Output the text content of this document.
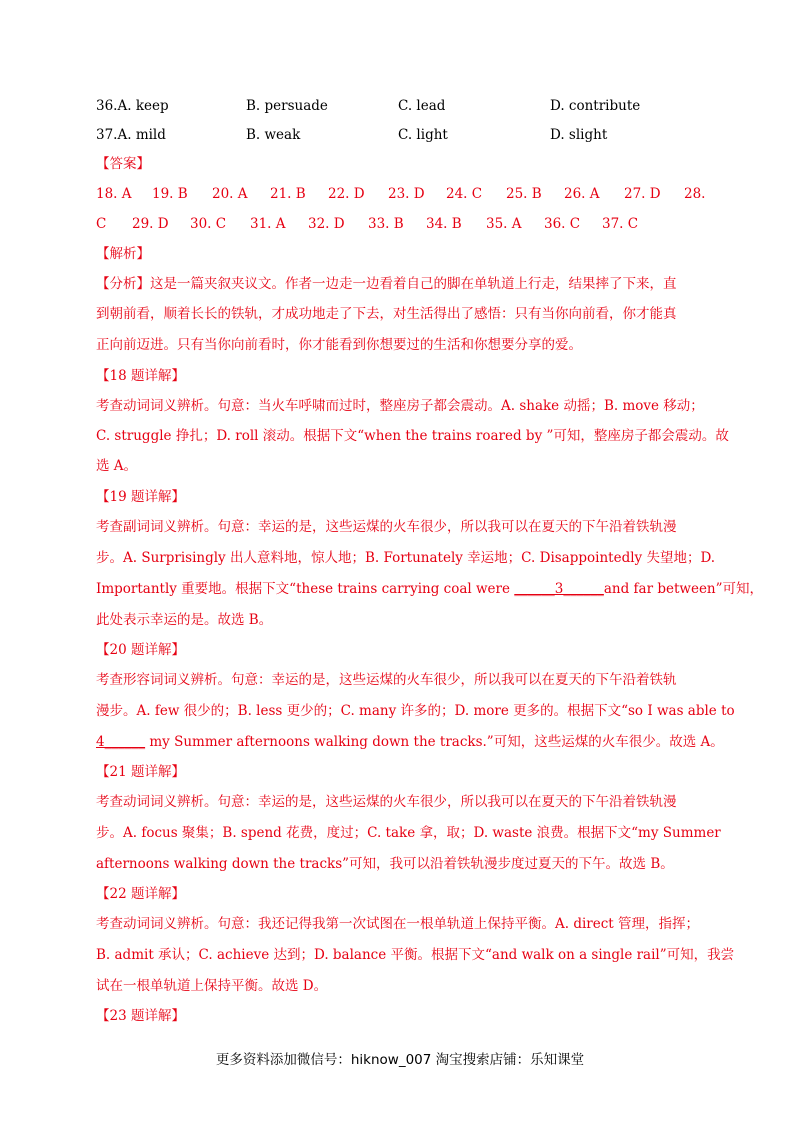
36.A. keep	B. persuade	C. lead	D. contribute
37.A. mild	B. weak	C. light	D. slight
【答案】
18. A 19. B 20. A 21. B 22. D 23. D 24. C 25. B 26. A 27. D 28.
C 29. D 30. C 31. A 32. D 33. B 34. B 35. A 36. C 37. C
【解析】
【分析】这是一篇夹叙夹议文。作者一边走一边看着自己的脚在单轨道上行走，结果摔了下来，直
到朝前看，顺着长长的铁轨，才成功地走了下去，对生活得出了感悟：只有当你向前看，你才能真
正向前迈进。只有当你向前看时，你才能看到你想要过的生活和你想要分享的爱。
【18 题详解】
考查动词词义辨析。句意：当火车呼啸而过时，整座房子都会震动。A. shake 动摇；B. move 移动；
C. struggle 挣扎；D. roll 滚动。根据下文“when the trains roared by ”可知，整座房子都会震动。故
选 A。
【19 题详解】
考查副词词义辨析。句意：幸运的是，这些运煤的火车很少，所以我可以在夏天的下午沿着铁轨漫
步。A. Surprisingly 出人意料地，惊人地；B. Fortunately 幸运地；C. Disappointedly 失望地；D.
Importantly 重要地。根据下文“these trains carrying coal were ______3______and far between”可知，
此处表示幸运的是。故选 B。
【20 题详解】
考查形容词词义辨析。句意：幸运的是，这些运煤的火车很少，所以我可以在夏天的下午沿着铁轨
漫步。A. few 很少的；B. less 更少的；C. many 许多的；D. more 更多的。根据下文“so I was able to
4______ my Summer afternoons walking down the tracks.”可知，这些运煤的火车很少。故选 A。
【21 题详解】
考查动词词义辨析。句意：幸运的是，这些运煤的火车很少，所以我可以在夏天的下午沿着铁轨漫
步。A. focus 聚集；B. spend 花费，度过；C. take 拿，取；D. waste 浪费。根据下文“my Summer
afternoons walking down the tracks”可知，我可以沿着铁轨漫步度过夏天的下午。故选 B。
【22 题详解】
考查动词词义辨析。句意：我还记得我第一次试图在一根单轨道上保持平衡。A. direct 管理，指挥；
B. admit 承认；C. achieve 达到；D. balance 平衡。根据下文“and walk on a single rail”可知，我尝
试在一根单轨道上保持平衡。故选 D。
【23 题详解】
更多资料添加微信号：hiknow_007 淘宝搜索店铺：乐知课堂
